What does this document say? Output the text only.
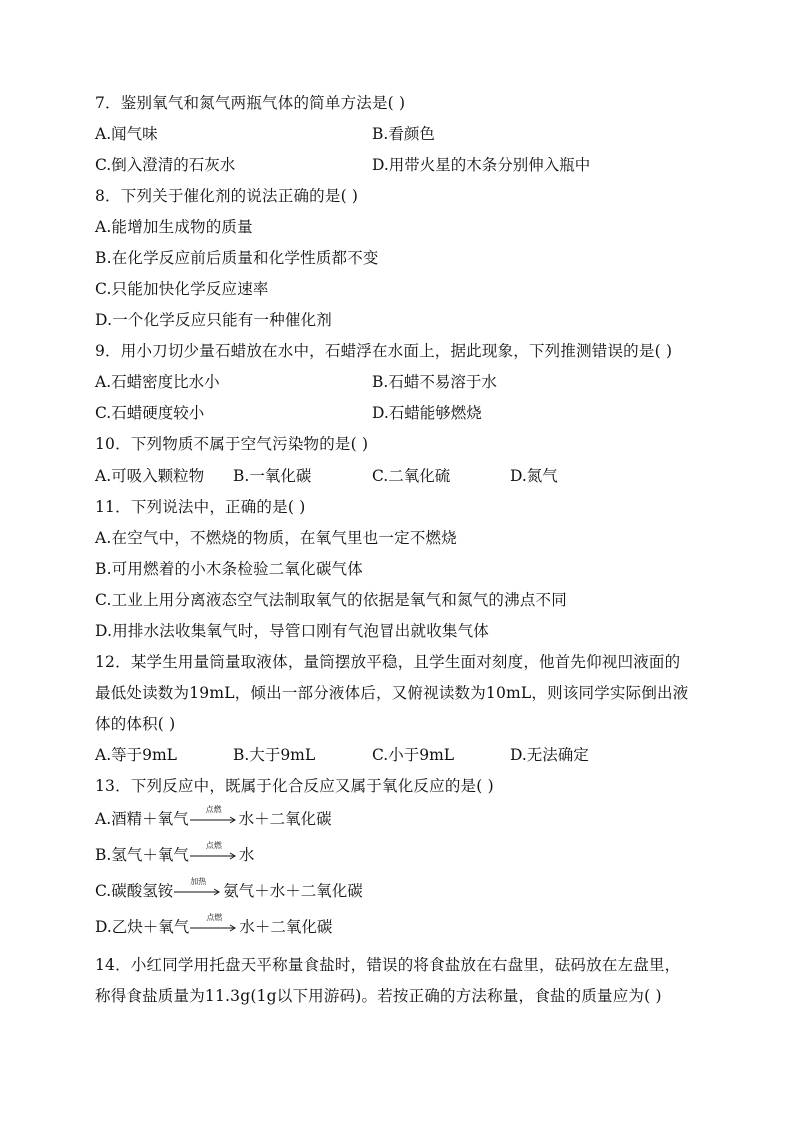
7．鉴别氧气和氮气两瓶气体的简单方法是( )
A.闻气味	B.看颜色
C.倒入澄清的石灰水	D.用带火星的木条分别伸入瓶中
8．下列关于催化剂的说法正确的是( )
A.能增加生成物的质量
B.在化学反应前后质量和化学性质都不变
C.只能加快化学反应速率
D.一个化学反应只能有一种催化剂
9．用小刀切少量石蜡放在水中，石蜡浮在水面上，据此现象，下列推测错误的是( )
A.石蜡密度比水小	B.石蜡不易溶于水
C.石蜡硬度较小	D.石蜡能够燃烧
10．下列物质不属于空气污染物的是( )
A.可吸入颗粒物 B.一氧化碳	C.二氧化硫	D.氮气
11．下列说法中，正确的是( )
A.在空气中，不燃烧的物质，在氧气里也一定不燃烧
B.可用燃着的小木条检验二氧化碳气体
C.工业上用分离液态空气法制取氧气的依据是氧气和氮气的沸点不同
D.用排水法收集氧气时，导管口刚有气泡冒出就收集气体
12．某学生用量筒量取液体，量筒摆放平稳，且学生面对刻度，他首先仰视凹液面的
最低处读数为19mL，倾出一部分液体后，又俯视读数为10mL，则该同学实际倒出液
体的体积( )
A.等于9mL	B.大于9mL	C.小于9mL	D.无法确定
13．下列反应中，既属于化合反应又属于氧化反应的是( )
A.酒精＋氧气
点燃
水＋二氧化碳
B.氢气＋氧气
点燃
水
C.碳酸氢铵
加热
氨气＋水＋二氧化碳
D.乙炔＋氧气
点燃
水＋二氧化碳
14．小红同学用托盘天平称量食盐时，错误的将食盐放在右盘里，砝码放在左盘里，
称得食盐质量为11.3g(1g以下用游码)。若按正确的方法称量，食盐的质量应为( )
